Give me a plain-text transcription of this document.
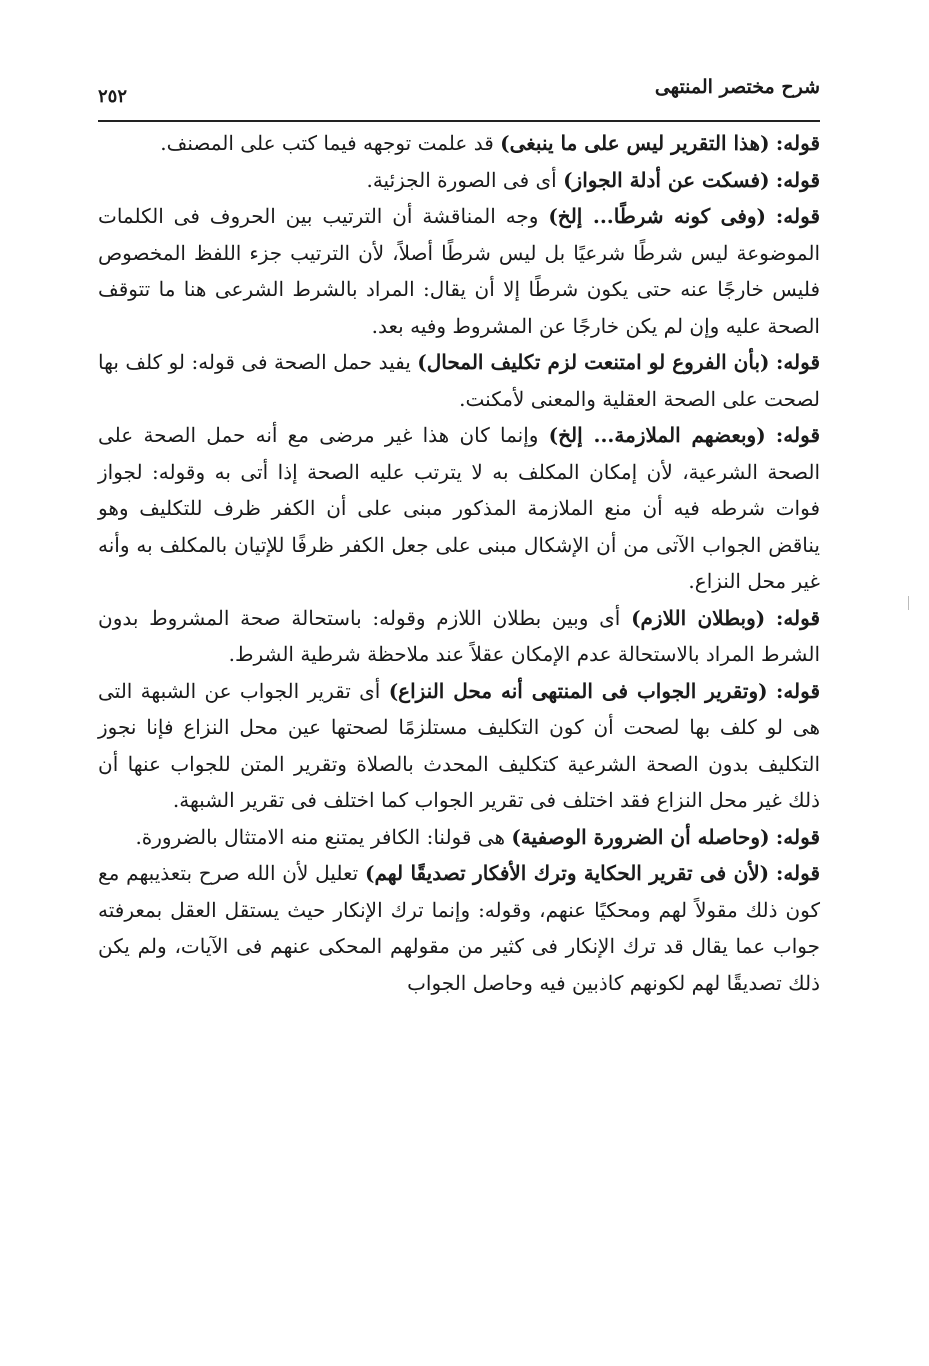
شرح مختصر المنتهى
٢٥٢

قوله: (هذا التقرير ليس على ما ينبغى) قد علمت توجهه فيما كتب على المصنف.

قوله: (فسكت عن أدلة الجواز) أى فى الصورة الجزئية.

قوله: (وفى كونه شرطًا... إلخ) وجه المناقشة أن الترتيب بين الحروف فى الكلمات الموضوعة ليس شرطًا شرعيًا بل ليس شرطًا أصلاً، لأن الترتيب جزء اللفظ المخصوص فليس خارجًا عنه حتى يكون شرطًا إلا أن يقال: المراد بالشرط الشرعى هنا ما تتوقف الصحة عليه وإن لم يكن خارجًا عن المشروط وفيه بعد.

قوله: (بأن الفروع لو امتنعت لزم تكليف المحال) يفيد حمل الصحة فى قوله: لو كلف بها لصحت على الصحة العقلية والمعنى لأمكنت.

قوله: (وبعضهم الملازمة... إلخ) وإنما كان هذا غير مرضى مع أنه حمل الصحة على الصحة الشرعية، لأن إمكان المكلف به لا يترتب عليه الصحة إذا أتى به وقوله: لجواز فوات شرطه فيه أن منع الملازمة المذكور مبنى على أن الكفر ظرف للتكليف وهو يناقض الجواب الآتى من أن الإشكال مبنى على جعل الكفر ظرفًا للإتيان بالمكلف به وأنه غير محل النزاع.

قوله: (وبطلان اللازم) أى وبين بطلان اللازم وقوله: باستحالة صحة المشروط بدون الشرط المراد بالاستحالة عدم الإمكان عقلاً عند ملاحظة شرطية الشرط.

قوله: (وتقرير الجواب فى المنتهى أنه محل النزاع) أى تقرير الجواب عن الشبهة التى هى لو كلف بها لصحت أن كون التكليف مستلزمًا لصحتها عين محل النزاع فإنا نجوز التكليف بدون الصحة الشرعية كتكليف المحدث بالصلاة وتقرير المتن للجواب عنها أن ذلك غير محل النزاع فقد اختلف فى تقرير الجواب كما اختلف فى تقرير الشبهة.

قوله: (وحاصله أن الضرورة الوصفية) هى قولنا: الكافر يمتنع منه الامتثال بالضرورة.

قوله: (لأن فى تقرير الحكاية وترك الأفكار تصديقًا لهم) تعليل لأن الله صرح بتعذيبهم مع كون ذلك مقولاً لهم ومحكيًا عنهم، وقوله: وإنما ترك الإنكار حيث يستقل العقل بمعرفته جواب عما يقال قد ترك الإنكار فى كثير من مقولهم المحكى عنهم فى الآيات، ولم يكن ذلك تصديقًا لهم لكونهم كاذبين فيه وحاصل الجواب
